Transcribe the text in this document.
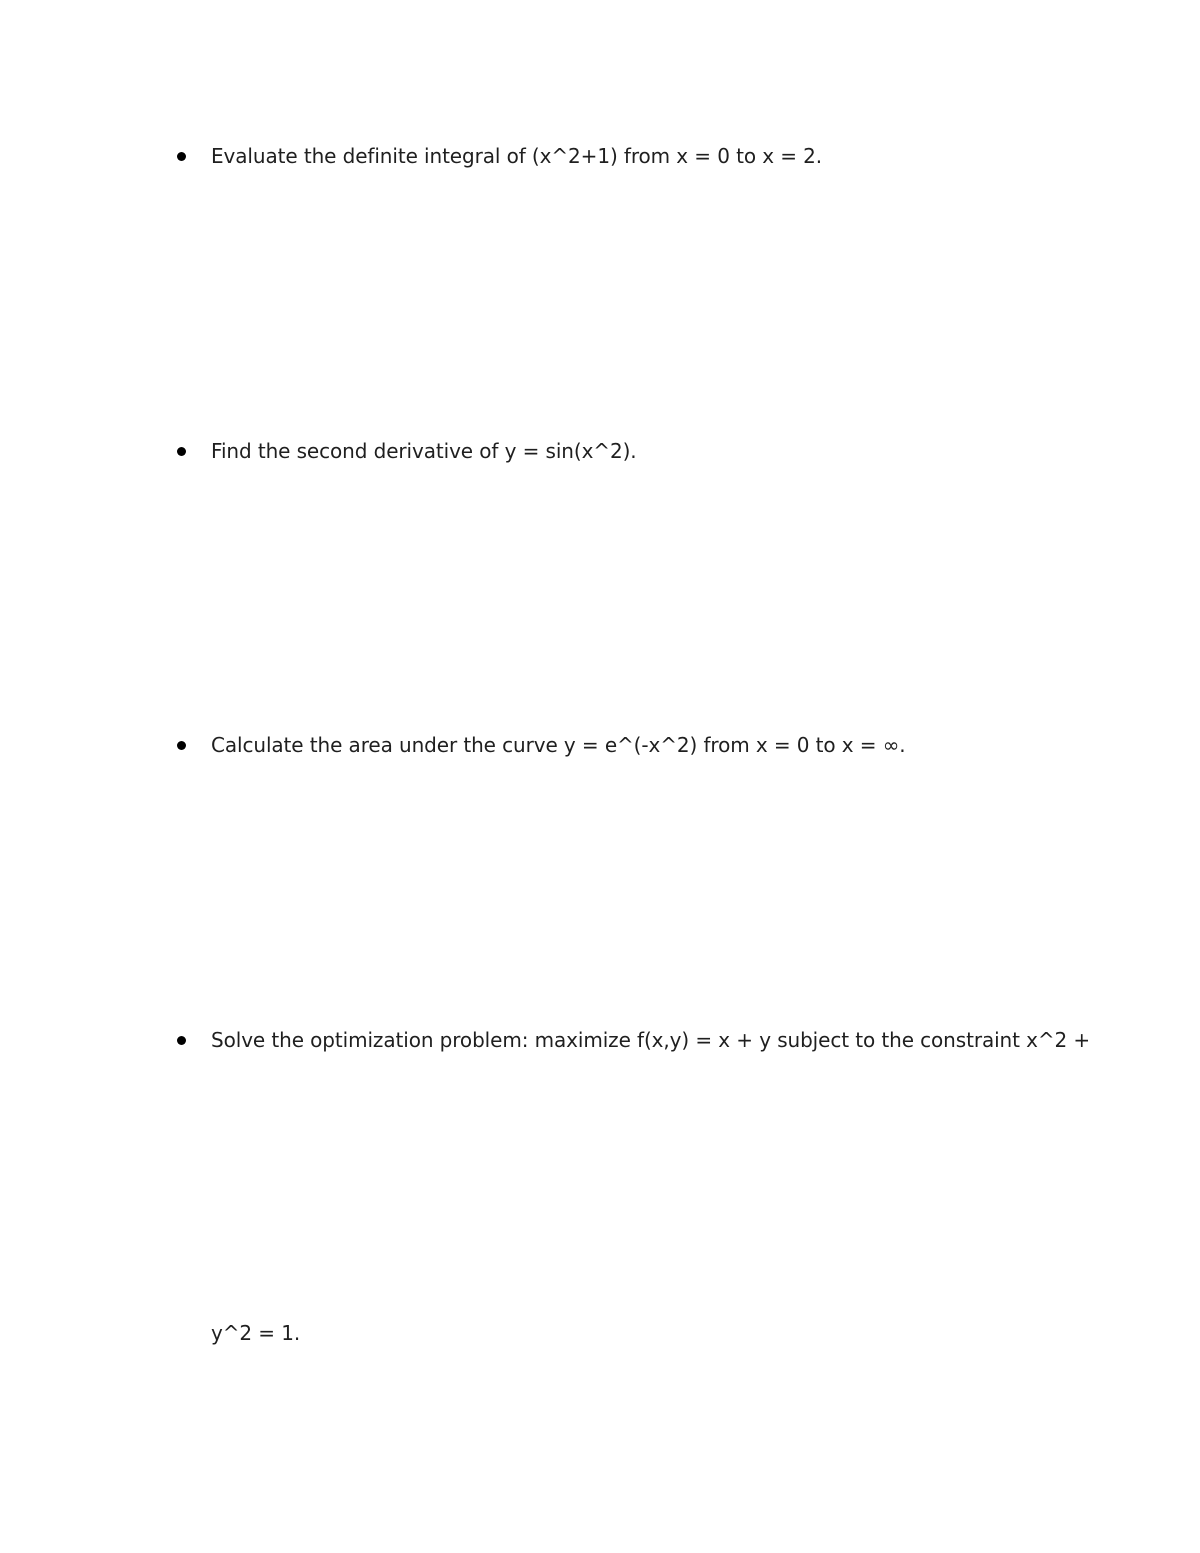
Evaluate the definite integral of (x^2+1) from x = 0 to x = 2.
Find the second derivative of y = sin(x^2).
Calculate the area under the curve y = e^(-x^2) from x = 0 to x = ∞.
Solve the optimization problem: maximize f(x,y) = x + y subject to the constraint x^2 +
y^2 = 1.
